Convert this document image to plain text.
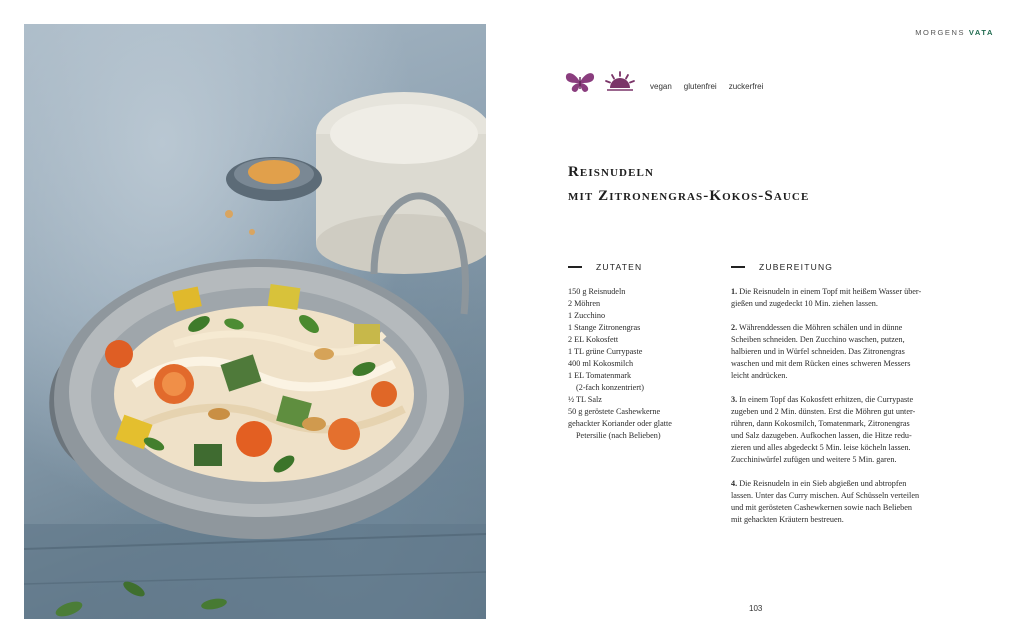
MORGENS VATA
vegan glutenfrei zuckerfrei
Reisnudeln
mit Zitronengras-Kokos-Sauce
ZUTATEN	ZUBEREITUNG
150 g Reisnudeln
2 Möhren
1 Zucchino
1 Stange Zitronengras
2 EL Kokosfett
1 TL grüne Currypaste
400 ml Kokosmilch
1 EL Tomatenmark
(2-fach konzentriert)
½ TL Salz
50 g geröstete Cashewkerne
gehackter Koriander oder glatte
Petersilie (nach Belieben)
1. Die Reisnudeln in einem Topf mit heißem Wasser über-
gießen und zugedeckt 10 Min. ziehen lassen.
2. Währenddessen die Möhren schälen und in dünne
Scheiben schneiden. Den Zucchino waschen, putzen,
halbieren und in Würfel schneiden. Das Zitronengras
waschen und mit dem Rücken eines schweren Messers
leicht andrücken.
3. In einem Topf das Kokosfett erhitzen, die Currypaste
zugeben und 2 Min. dünsten. Erst die Möhren gut unter-
rühren, dann Kokosmilch, Tomatenmark, Zitronengras
und Salz dazugeben. Aufkochen lassen, die Hitze redu-
zieren und alles abgedeckt 5 Min. leise köcheln lassen.
Zucchiniwürfel zufügen und weitere 5 Min. garen.
4. Die Reisnudeln in ein Sieb abgießen und abtropfen
lassen. Unter das Curry mischen. Auf Schüsseln verteilen
und mit gerösteten Cashewkernen sowie nach Belieben
mit gehackten Kräutern bestreuen.
103
